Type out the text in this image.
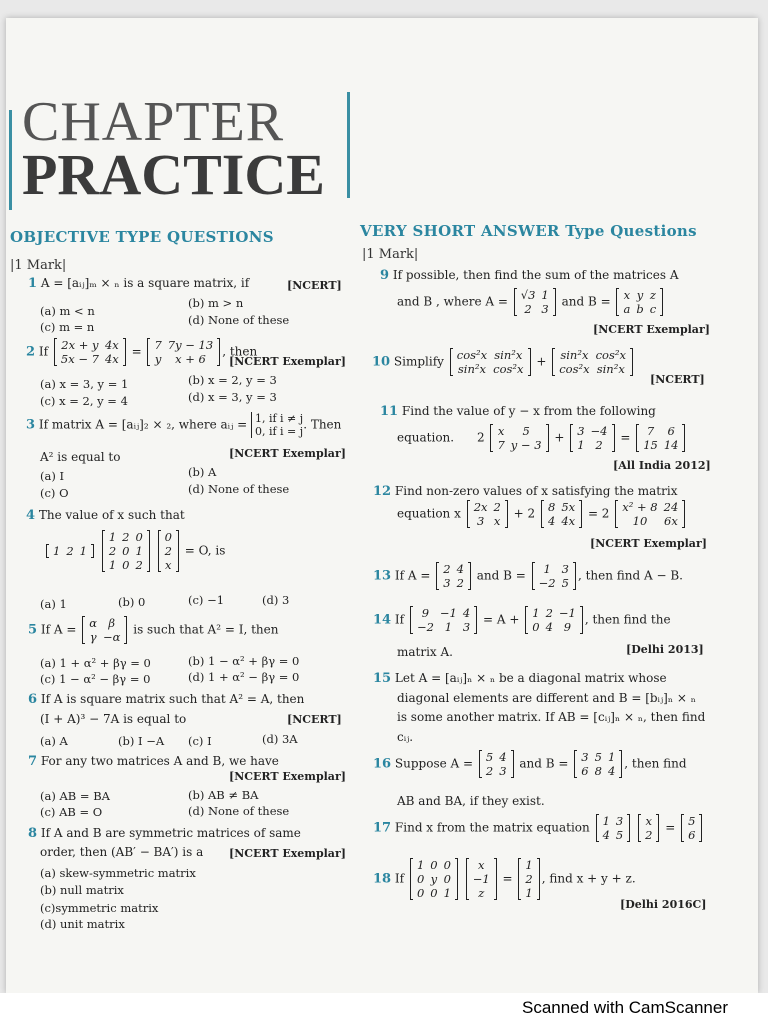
Scanned with CamScanner
CHAPTER
PRACTICE
OBJECTIVE TYPE QUESTIONS
|1 Mark|
1 A = [aᵢⱼ]ₘ × ₙ is a square matrix, if	[NCERT]
(a) m < n
(b) m > n
(c) m = n	(d) None of these
2 If 2x + y	4x
5x − 7	4x
= 7	7y − 13
y	x + 6
, then
[NCERT Exemplar]
(a) x = 3, y = 1	(b) x = 2, y = 3
(c) x = 2, y = 4	(d) x = 3, y = 3
3 If matrix A = [aᵢⱼ]₂ × ₂, where aᵢⱼ = 1, if i ≠ j
0, if i = j. Then
A² is equal to	[NCERT Exemplar]
(a) I	(b) A
(c) O	(d) None of these
4 The value of x such that
1	2	1

1	2	0
2	0	1
1	0	2

0
2
x
= O, is
(a) 1	(b) 0	(c) −1	(d) 3
5 If A = α	β
γ	−α
is such that A² = I, then
(a) 1 + α² + βγ = 0	(b) 1 − α² + βγ = 0
(c) 1 − α² − βγ = 0	(d) 1 + α² − βγ = 0
6 If A is square matrix such that A² = A, then
(I + A)³ − 7A is equal to	[NCERT]
(a) A	(b) I −A (c) I	(d) 3A
7 For any two matrices A and B, we have
[NCERT Exemplar]
(a) AB = BA	(b) AB ≠ BA
(c) AB = O	(d) None of these
8 If A and B are symmetric matrices of same
order, then (AB′ − BA′) is a [NCERT Exemplar]
(a) skew-symmetric matrix
(b) null matrix
(c)symmetric matrix
(d) unit matrix
VERY SHORT ANSWER Type Questions
|1 Mark|
9 If possible, then find the sum of the matrices A
and B , where A = √3	1
2	3
and B = x	y	z
a	b	c
[NCERT Exemplar]
10 Simplify cos²x	sin²x
sin²x	cos²x
+ sin²x	cos²x
cos²x	sin²x
[NCERT]
11 Find the value of y − x from the following
equation.      2 x	5
7	y − 3
+ 3	−4
1	2
= 7	6
15	14
[All India 2012]
12 Find non-zero values of x satisfying the matrix
equation x 2x	2
3	x
+ 2 8	5x
4	4x
= 2 x² + 8	24
10	6x
[NCERT Exemplar]
13 If A = 2	4
3	2
and B = 1	3
−2	5
, then find A − B.
14 If 9	−1	4
−2	1	3
= A + 1	2	−1
0	4	9
, then find the
matrix A.	[Delhi 2013]
15 Let A = [aᵢⱼ]ₙ × ₙ be a diagonal matrix whose
diagonal elements are different and B = [bᵢⱼ]ₙ × ₙ
is some another matrix. If AB = [cᵢⱼ]ₙ × ₙ, then find
cᵢⱼ.
16 Suppose A = 5	4
2	3
and B = 3	5	1
6	8	4
, then find
AB and BA, if they exist.
17 Find x from the matrix equation 1	3
4	5

x
2
= 5
6
18 If
1	0	0
0	y	0
0	0	1

x
−1
z
=
1
2
1
, find x + y + z.
[Delhi 2016C]
